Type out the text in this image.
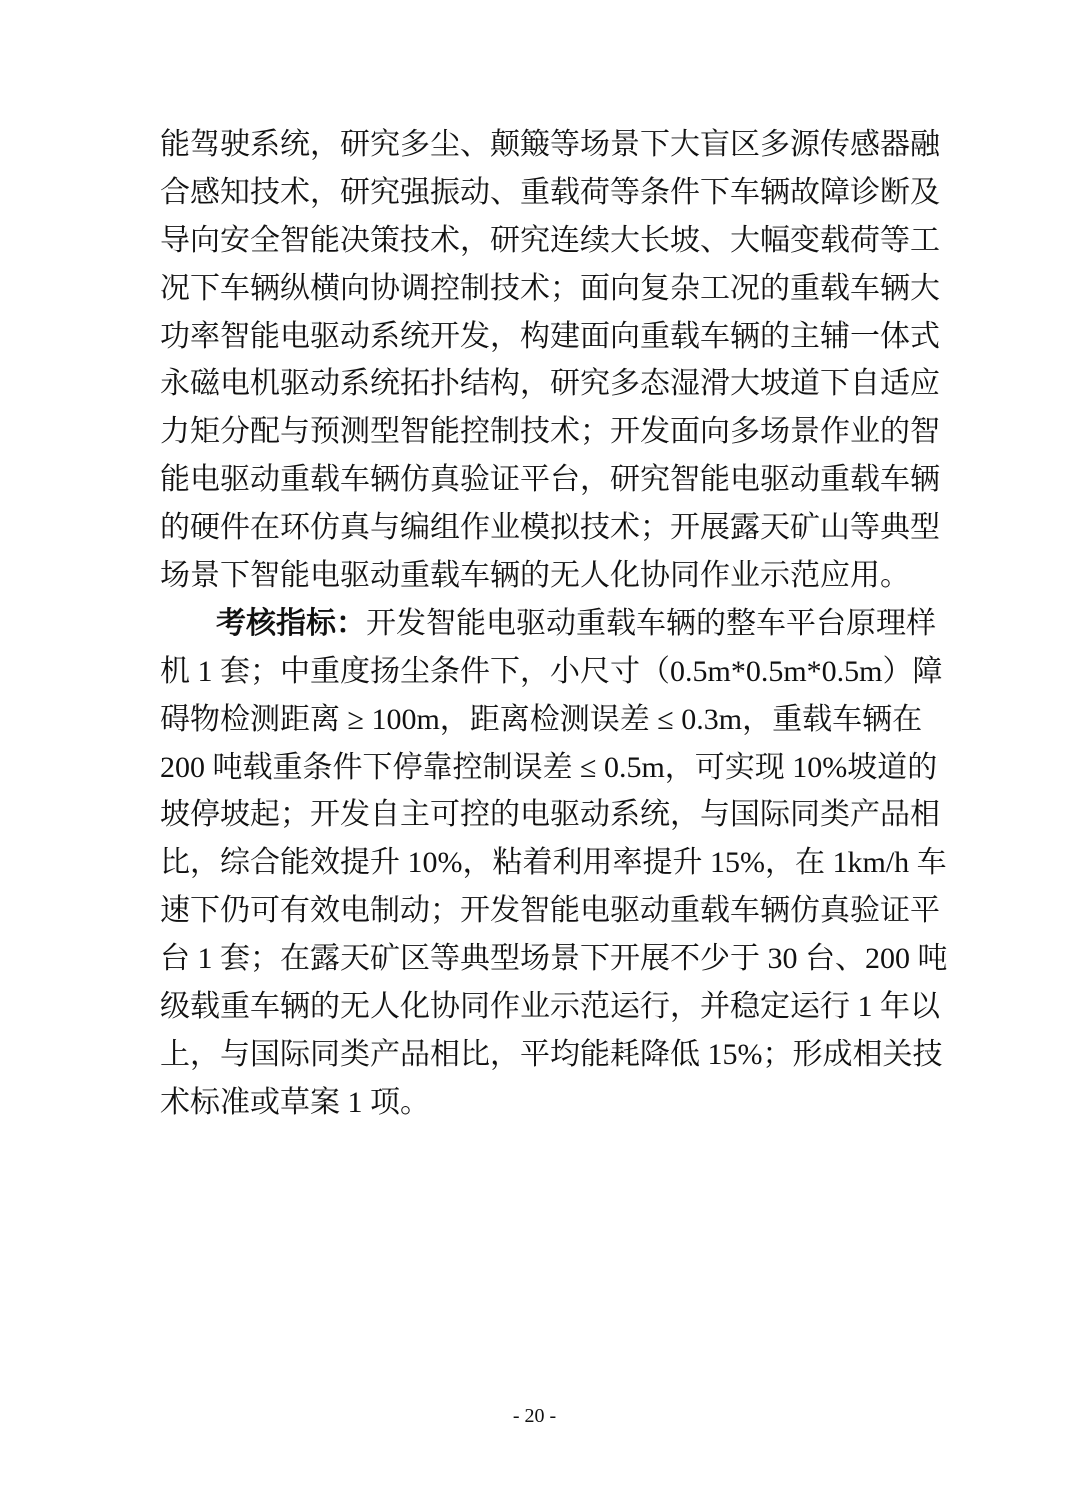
能驾驶系统，研究多尘、颠簸等场景下大盲区多源传感器融
合感知技术，研究强振动、重载荷等条件下车辆故障诊断及
导向安全智能决策技术，研究连续大长坡、大幅变载荷等工
况下车辆纵横向协调控制技术；面向复杂工况的重载车辆大
功率智能电驱动系统开发，构建面向重载车辆的主辅一体式
永磁电机驱动系统拓扑结构，研究多态湿滑大坡道下自适应
力矩分配与预测型智能控制技术；开发面向多场景作业的智
能电驱动重载车辆仿真验证平台，研究智能电驱动重载车辆
的硬件在环仿真与编组作业模拟技术；开展露天矿山等典型
场景下智能电驱动重载车辆的无人化协同作业示范应用。
考核指标：开发智能电驱动重载车辆的整车平台原理样
机 1 套；中重度扬尘条件下，小尺寸（0.5m*0.5m*0.5m）障
碍物检测距离 ≥ 100m，距离检测误差 ≤ 0.3m，重载车辆在
200 吨载重条件下停靠控制误差 ≤ 0.5m，可实现 10%坡道的
坡停坡起；开发自主可控的电驱动系统，与国际同类产品相
比，综合能效提升 10%，粘着利用率提升 15%，在 1km/h 车
速下仍可有效电制动；开发智能电驱动重载车辆仿真验证平
台 1 套；在露天矿区等典型场景下开展不少于 30 台、200 吨
级载重车辆的无人化协同作业示范运行，并稳定运行 1 年以
上，与国际同类产品相比，平均能耗降低 15%；形成相关技
术标准或草案 1 项。
- 20 -
